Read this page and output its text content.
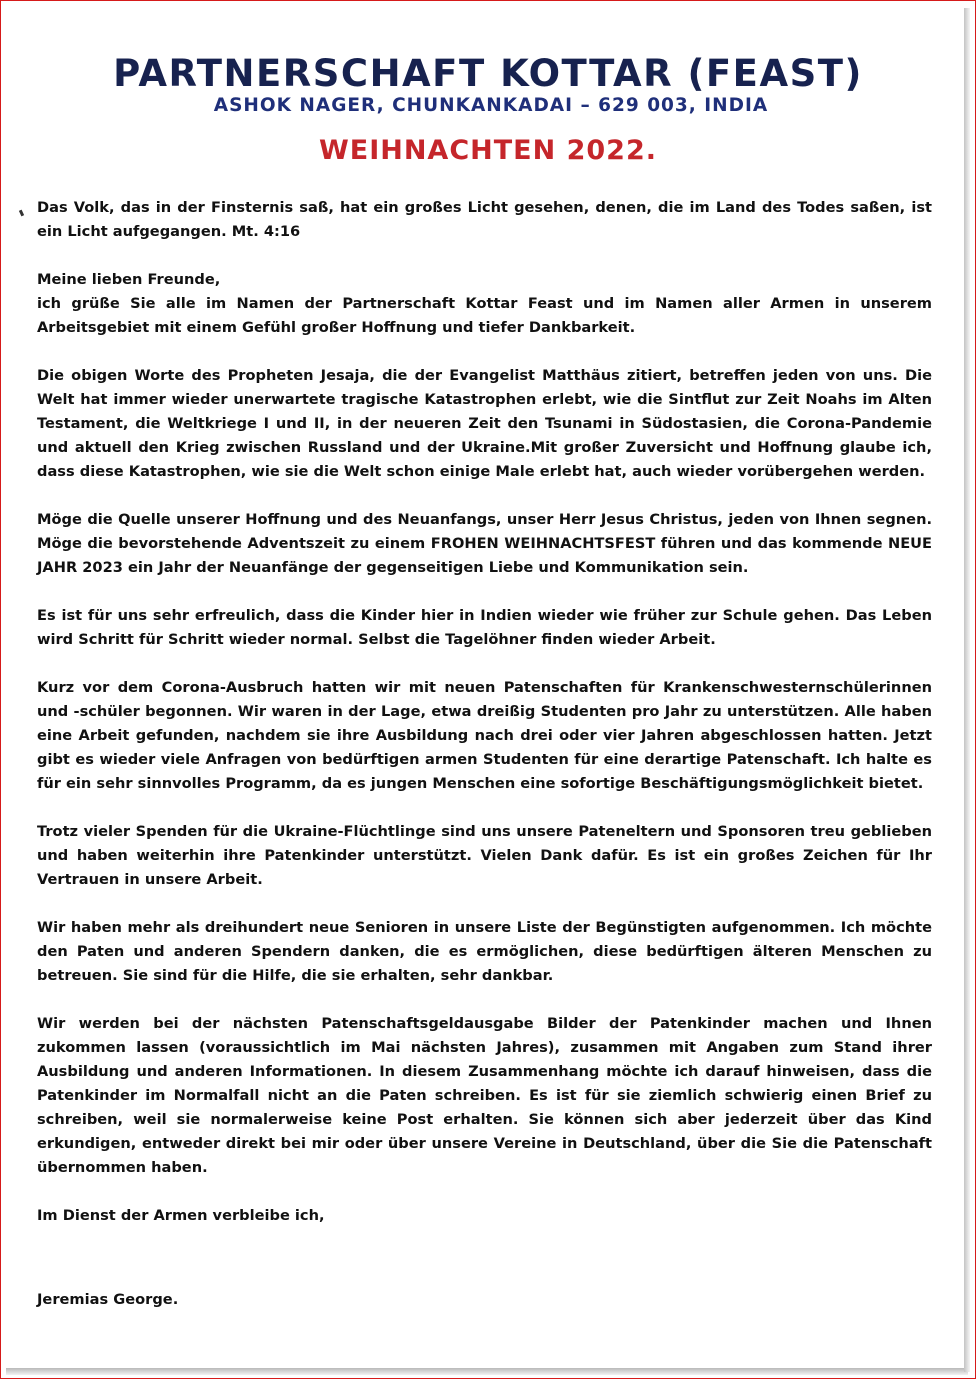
PARTNERSCHAFT KOTTAR (FEAST)
ASHOK NAGER, CHUNKANKADAI – 629 003, INDIA
WEIHNACHTEN 2022.

Das Volk, das in der Finsternis saß, hat ein großes Licht gesehen, denen, die im Land des Todes saßen, ist ein Licht aufgegangen. Mt. 4:16

Meine lieben Freunde,

ich grüße Sie alle im Namen der Partnerschaft Kottar Feast und im Namen aller Armen in unserem Arbeitsgebiet mit einem Gefühl großer Hoffnung und tiefer Dankbarkeit.

Die obigen Worte des Propheten Jesaja, die der Evangelist Matthäus zitiert, betreffen jeden von uns. Die Welt hat immer wieder unerwartete tragische Katastrophen erlebt, wie die Sintflut zur Zeit Noahs im Alten Testament, die Weltkriege I und II, in der neueren Zeit den Tsunami in Südostasien, die Corona-Pandemie und aktuell den Krieg zwischen Russland und der Ukraine.Mit großer Zuversicht und Hoffnung glaube ich, dass diese Katastrophen, wie sie die Welt schon einige Male erlebt hat, auch wieder vorübergehen werden.

Möge die Quelle unserer Hoffnung und des Neuanfangs, unser Herr Jesus Christus, jeden von Ihnen segnen. Möge die bevorstehende Adventszeit zu einem FROHEN WEIHNACHTSFEST führen und das kommende NEUE JAHR 2023 ein Jahr der Neuanfänge der gegenseitigen Liebe und Kommunikation sein.

Es ist für uns sehr erfreulich, dass die Kinder hier in Indien wieder wie früher zur Schule gehen. Das Leben wird Schritt für Schritt wieder normal. Selbst die Tagelöhner finden wieder Arbeit.

Kurz vor dem Corona-Ausbruch hatten wir mit neuen Patenschaften für Krankenschwesternschülerinnen und -schüler begonnen. Wir waren in der Lage, etwa dreißig Studenten pro Jahr zu unterstützen. Alle haben eine Arbeit gefunden, nachdem sie ihre Ausbildung nach drei oder vier Jahren abgeschlossen hatten. Jetzt gibt es wieder viele Anfragen von bedürftigen armen Studenten für eine derartige Patenschaft. Ich halte es für ein sehr sinnvolles Programm, da es jungen Menschen eine sofortige Beschäftigungsmöglichkeit bietet.

Trotz vieler Spenden für die Ukraine-Flüchtlinge sind uns unsere Pateneltern und Sponsoren treu geblieben und haben weiterhin ihre Patenkinder unterstützt. Vielen Dank dafür. Es ist ein großes Zeichen für Ihr Vertrauen in unsere Arbeit.

Wir haben mehr als dreihundert neue Senioren in unsere Liste der Begünstigten aufgenommen. Ich möchte den Paten und anderen Spendern danken, die es ermöglichen, diese bedürftigen älteren Menschen zu betreuen. Sie sind für die Hilfe, die sie erhalten, sehr dankbar.

Wir werden bei der nächsten Patenschaftsgeldausgabe Bilder der Patenkinder machen und Ihnen zukommen lassen (voraussichtlich im Mai nächsten Jahres), zusammen mit Angaben zum Stand ihrer Ausbildung und anderen Informationen. In diesem Zusammenhang möchte ich darauf hinweisen, dass die Patenkinder im Normalfall nicht an die Paten schreiben. Es ist für sie ziemlich schwierig einen Brief zu schreiben, weil sie normalerweise keine Post erhalten. Sie können sich aber jederzeit über das Kind erkundigen, entweder direkt bei mir oder über unsere Vereine in Deutschland, über die Sie die Patenschaft übernommen haben.

Im Dienst der Armen verbleibe ich,

Jeremias George.
